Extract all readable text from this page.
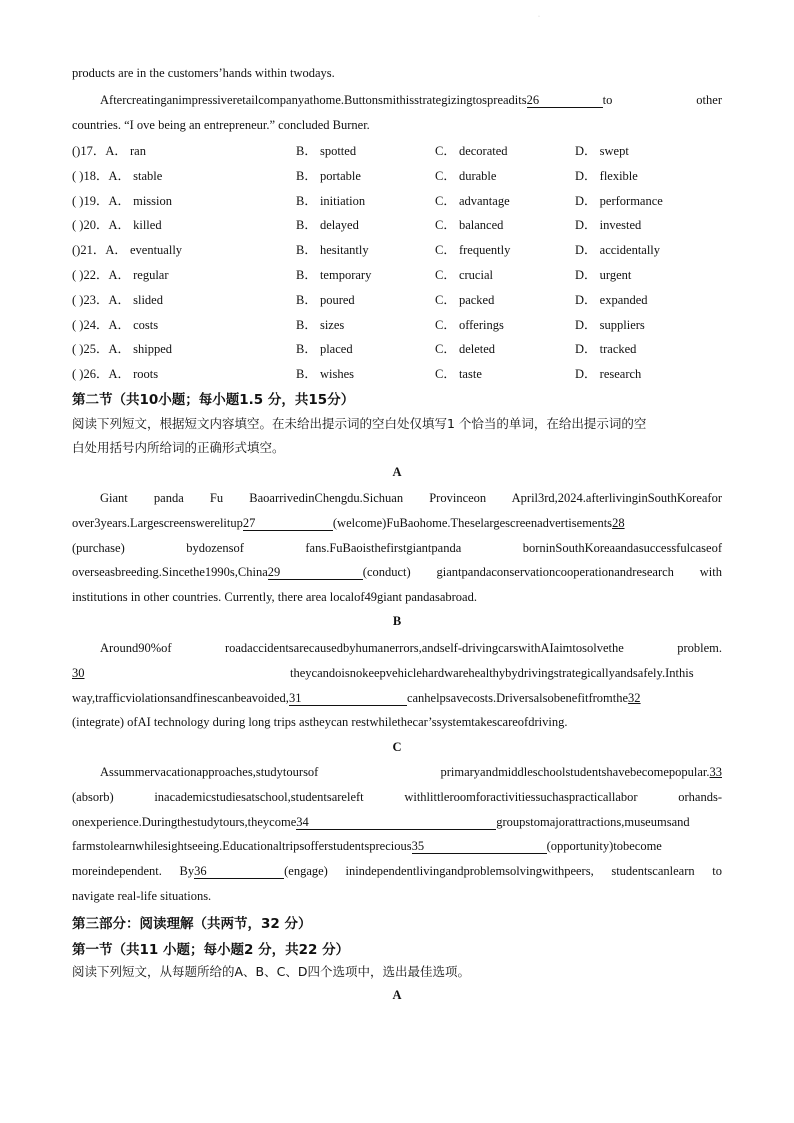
·
products are in the customers’hands within twodays.

Aftercreatinganimpressiveretailcompanyathome.Buttonsmithisstrategizingtospreadits26	to other

countries. “I ove being an entrepreneur.” concluded Burner.

()17．A． ran	B． spotted	C． decorated	D． swept
( )18．A． stable	B． portable	C． durable	D． flexible
( )19．A． mission	B． initiation	C． advantage	D． performance
( )20．A． killed	B． delayed	C． balanced	D． invested
()21．A． eventually	B． hesitantly	C． frequently	D． accidentally
( )22．A． regular	B． temporary	C． crucial	D． urgent
( )23．A． slided	B． poured	C． packed	D． expanded
( )24．A． costs	B． sizes	C． offerings	D． suppliers
( )25．A． shipped	B． placed	C． deleted	D． tracked
( )26．A． roots	B． wishes	C． taste	D． research
第二节（共10小题；每小题1.5 分，共15分）
阅读下列短文，根据短文内容填空。在未给出提示词的空白处仅填写1 个恰当的单词，在给出提示词的空
白处用括号内所给词的正确形式填空。
A

Giant panda Fu BaoarrivedinChengdu.Sichuan Provinceon April3rd,2024.afterlivinginSouthKoreafor

over3years.Largescreenswerelitup27	(welcome)FuBaohome.Theselargescreenadvertisements28

(purchase) bydozensof fans.FuBaoisthefirstgiantpanda borninSouthKoreaandasuccessfulcaseof

overseasbreeding.Sincethe1990s,China29	(conduct) giantpandaconservationcooperationandresearch with

institutions in other countries. Currently, there area localof49giant pandasabroad.

B

Around90%of roadaccidentsarecausedbyhumanerrors,andself-drivingcarswithAIaimtosolvethe problem.

30	theycandoisnokeepvehiclehardwarehealthybydrivingstrategicallyandsafely.Inthis

way,trafficviolationsandfinescanbeavoided,31	canhelpsavecosts.Driversalsobenefitfromthe32

(integrate) ofAI technology during long trips astheycan restwhilethecar’ssystemtakescareofdriving.

C

Assummervacationapproaches,studytoursof primaryandmiddleschoolstudentshavebecomepopular.33

(absorb) inacademicstudiesatschool,studentsareleft withlittleroomforactivitiessuchaspracticallabor orhands-

onexperience.Duringthestudytours,theycome34	groupstomajorattractions,museumsand

farmstolearnwhilesightseeing.Educationaltripsofferstudentsprecious35	(opportunity)tobecome

moreindependent. By36	(engage) inindependentlivingandproblemsolvingwithpeers, studentscanlearn to

navigate real-life situations.

第三部分：阅读理解（共两节，32 分）
第一节（共11 小题；每小题2 分，共22 分）
阅读下列短文，从每题所给的A、B、C、D四个选项中，选出最佳选项。
A
